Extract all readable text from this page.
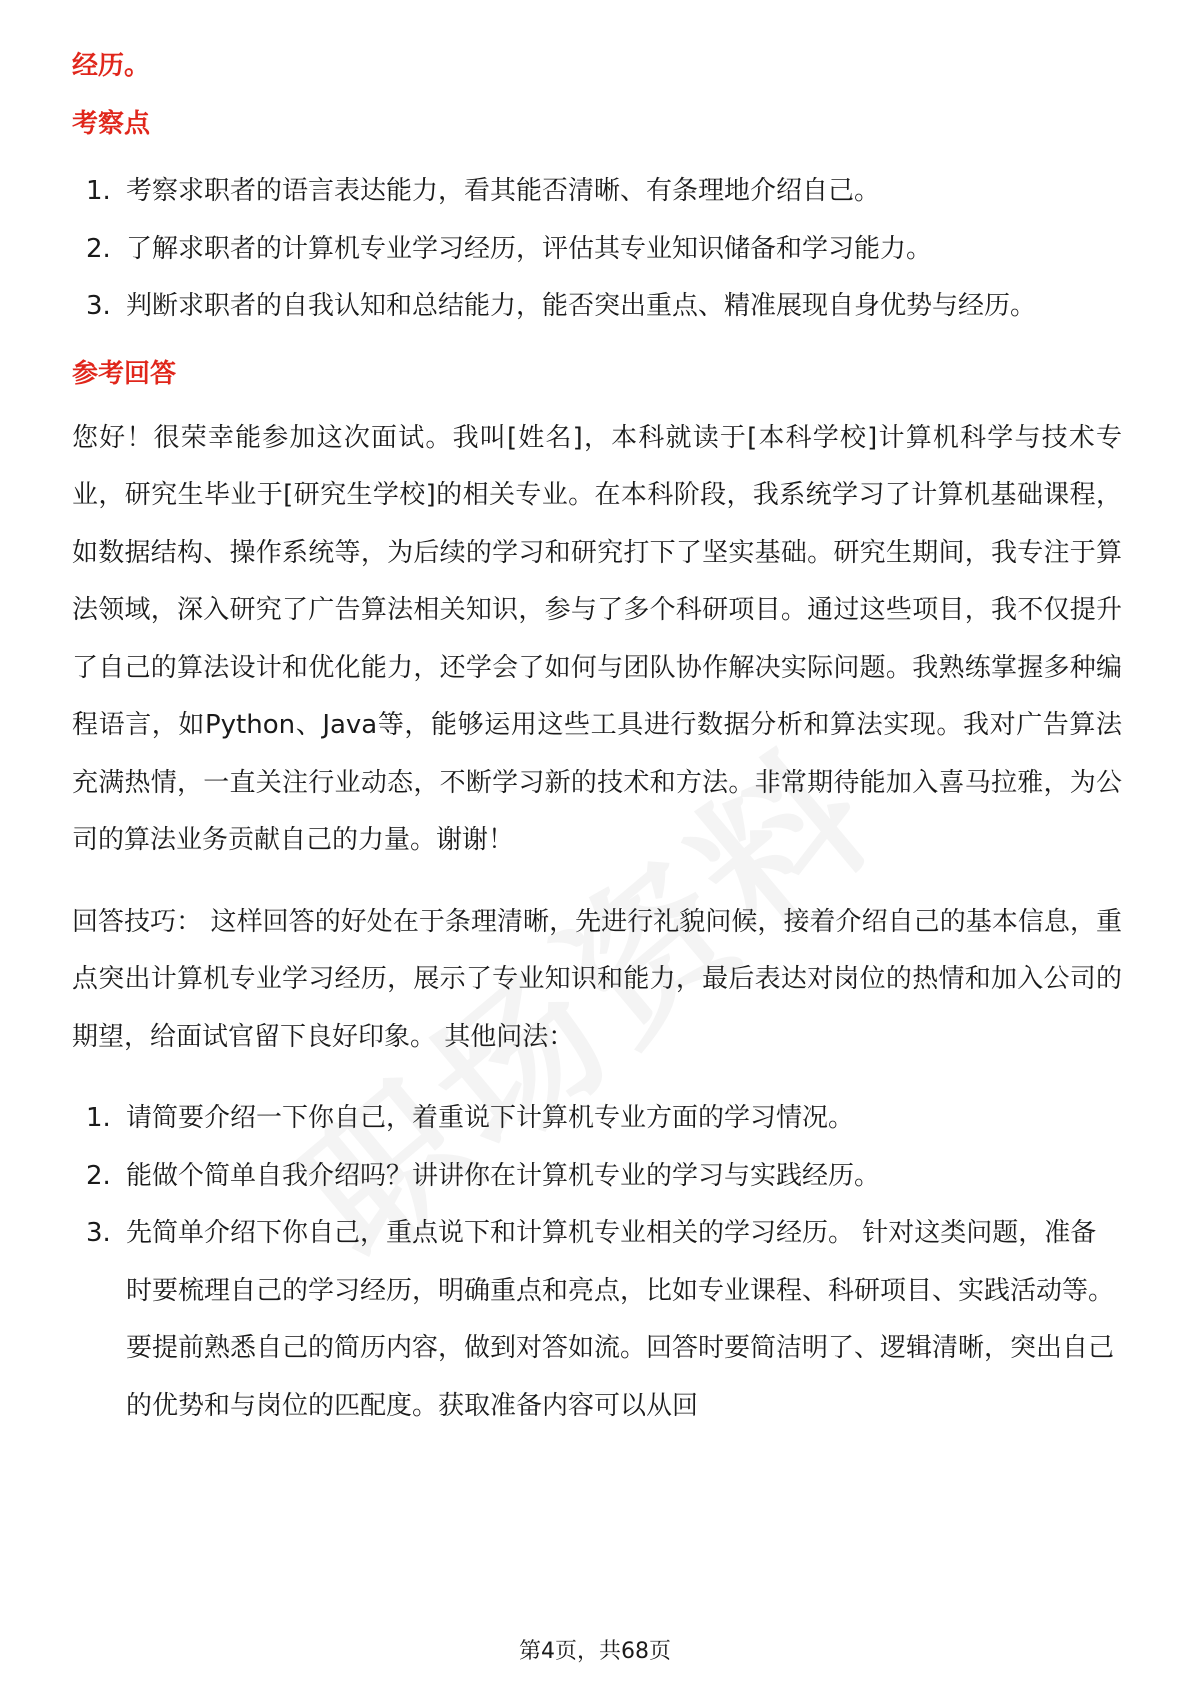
经历。
考察点
1. 考察求职者的语言表达能力，看其能否清晰、有条理地介绍自己。
2. 了解求职者的计算机专业学习经历，评估其专业知识储备和学习能力。
3. 判断求职者的自我认知和总结能力，能否突出重点、精准展现自身优势与经历。
参考回答

您好！很荣幸能参加这次面试。我叫[姓名]，本科就读于[本科学校]计算机科学与技术专业，研究生毕业于[研究生学校]的相关专业。在本科阶段，我系统学习了计算机基础课程，如数据结构、操作系统等，为后续的学习和研究打下了坚实基础。研究生期间，我专注于算法领域，深入研究了广告算法相关知识，参与了多个科研项目。通过这些项目，我不仅提升了自己的算法设计和优化能力，还学会了如何与团队协作解决实际问题。我熟练掌握多种编程语言，如Python、Java等，能够运用这些工具进行数据分析和算法实现。我对广告算法充满热情，一直关注行业动态，不断学习新的技术和方法。非常期待能加入喜马拉雅，为公司的算法业务贡献自己的力量。谢谢！

回答技巧： 这样回答的好处在于条理清晰，先进行礼貌问候，接着介绍自己的基本信息，重点突出计算机专业学习经历，展示了专业知识和能力，最后表达对岗位的热情和加入公司的期望，给面试官留下良好印象。 其他问法：

1. 请简要介绍一下你自己，着重说下计算机专业方面的学习情况。
2. 能做个简单自我介绍吗？讲讲你在计算机专业的学习与实践经历。
3. 先简单介绍下你自己，重点说下和计算机专业相关的学习经历。 针对这类问题，准备时要梳理自己的学习经历，明确重点和亮点，比如专业课程、科研项目、实践活动等。要提前熟悉自己的简历内容，做到对答如流。回答时要简洁明了、逻辑清晰，突出自己的优势和与岗位的匹配度。获取准备内容可以从回
第4页，共68页
